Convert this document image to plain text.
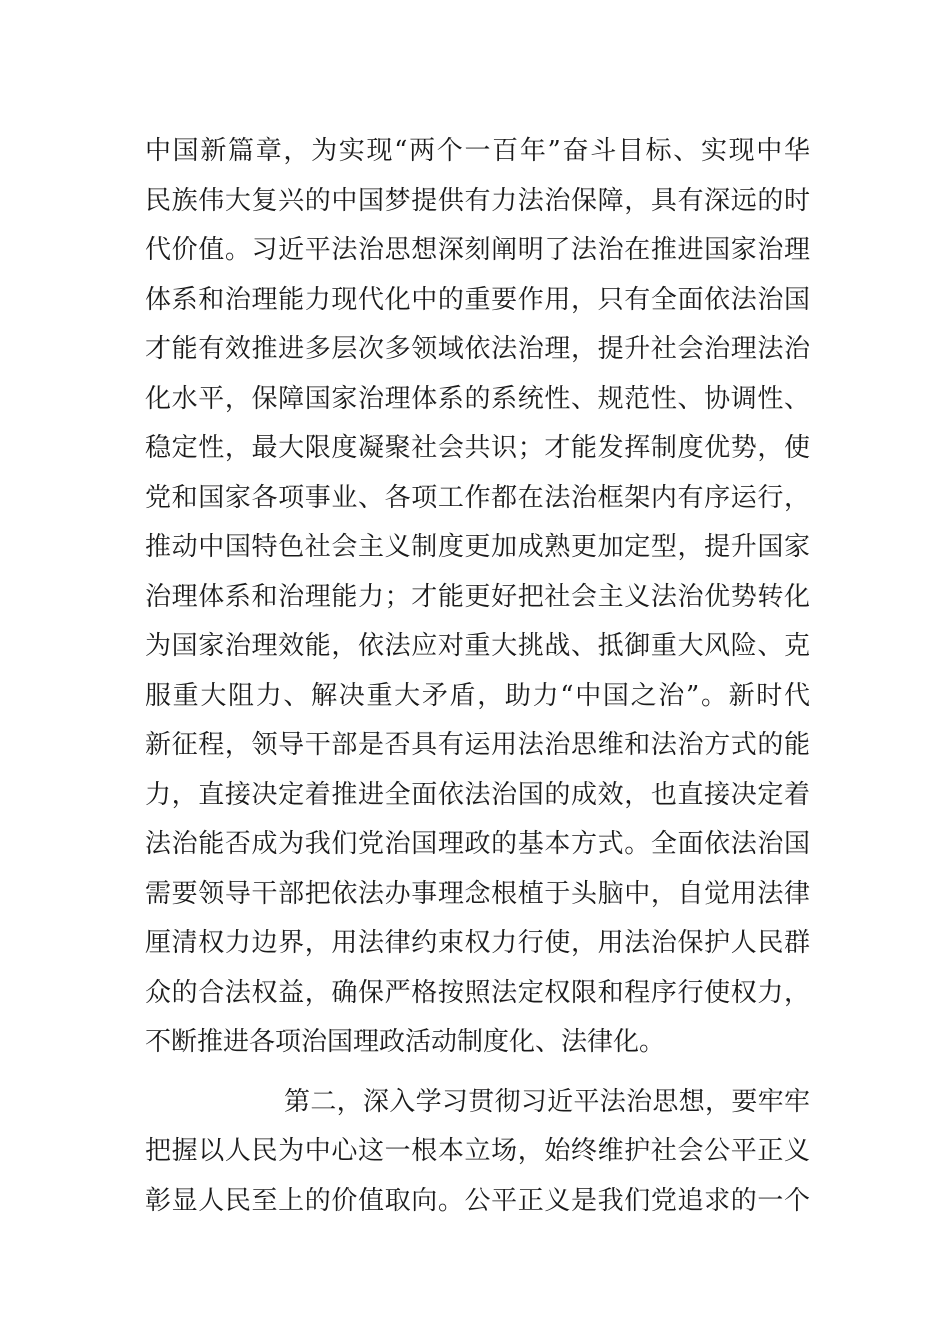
中国新篇章，为实现“两个一百年”奋斗目标、实现中华
民族伟大复兴的中国梦提供有力法治保障，具有深远的时
代价值。习近平法治思想深刻阐明了法治在推进国家治理
体系和治理能力现代化中的重要作用，只有全面依法治国
才能有效推进多层次多领域依法治理，提升社会治理法治
化水平，保障国家治理体系的系统性、规范性、协调性、
稳定性，最大限度凝聚社会共识；才能发挥制度优势，使
党和国家各项事业、各项工作都在法治框架内有序运行，
推动中国特色社会主义制度更加成熟更加定型，提升国家
治理体系和治理能力；才能更好把社会主义法治优势转化
为国家治理效能，依法应对重大挑战、抵御重大风险、克
服重大阻力、解决重大矛盾，助力“中国之治”。新时代
新征程，领导干部是否具有运用法治思维和法治方式的能
力，直接决定着推进全面依法治国的成效，也直接决定着
法治能否成为我们党治国理政的基本方式。全面依法治国
需要领导干部把依法办事理念根植于头脑中，自觉用法律
厘清权力边界，用法律约束权力行使，用法治保护人民群
众的合法权益，确保严格按照法定权限和程序行使权力，
不断推进各项治国理政活动制度化、法律化。
第二，深入学习贯彻习近平法治思想，要牢牢
把握以人民为中心这一根本立场，始终维护社会公平正义
彰显人民至上的价值取向。公平正义是我们党追求的一个
